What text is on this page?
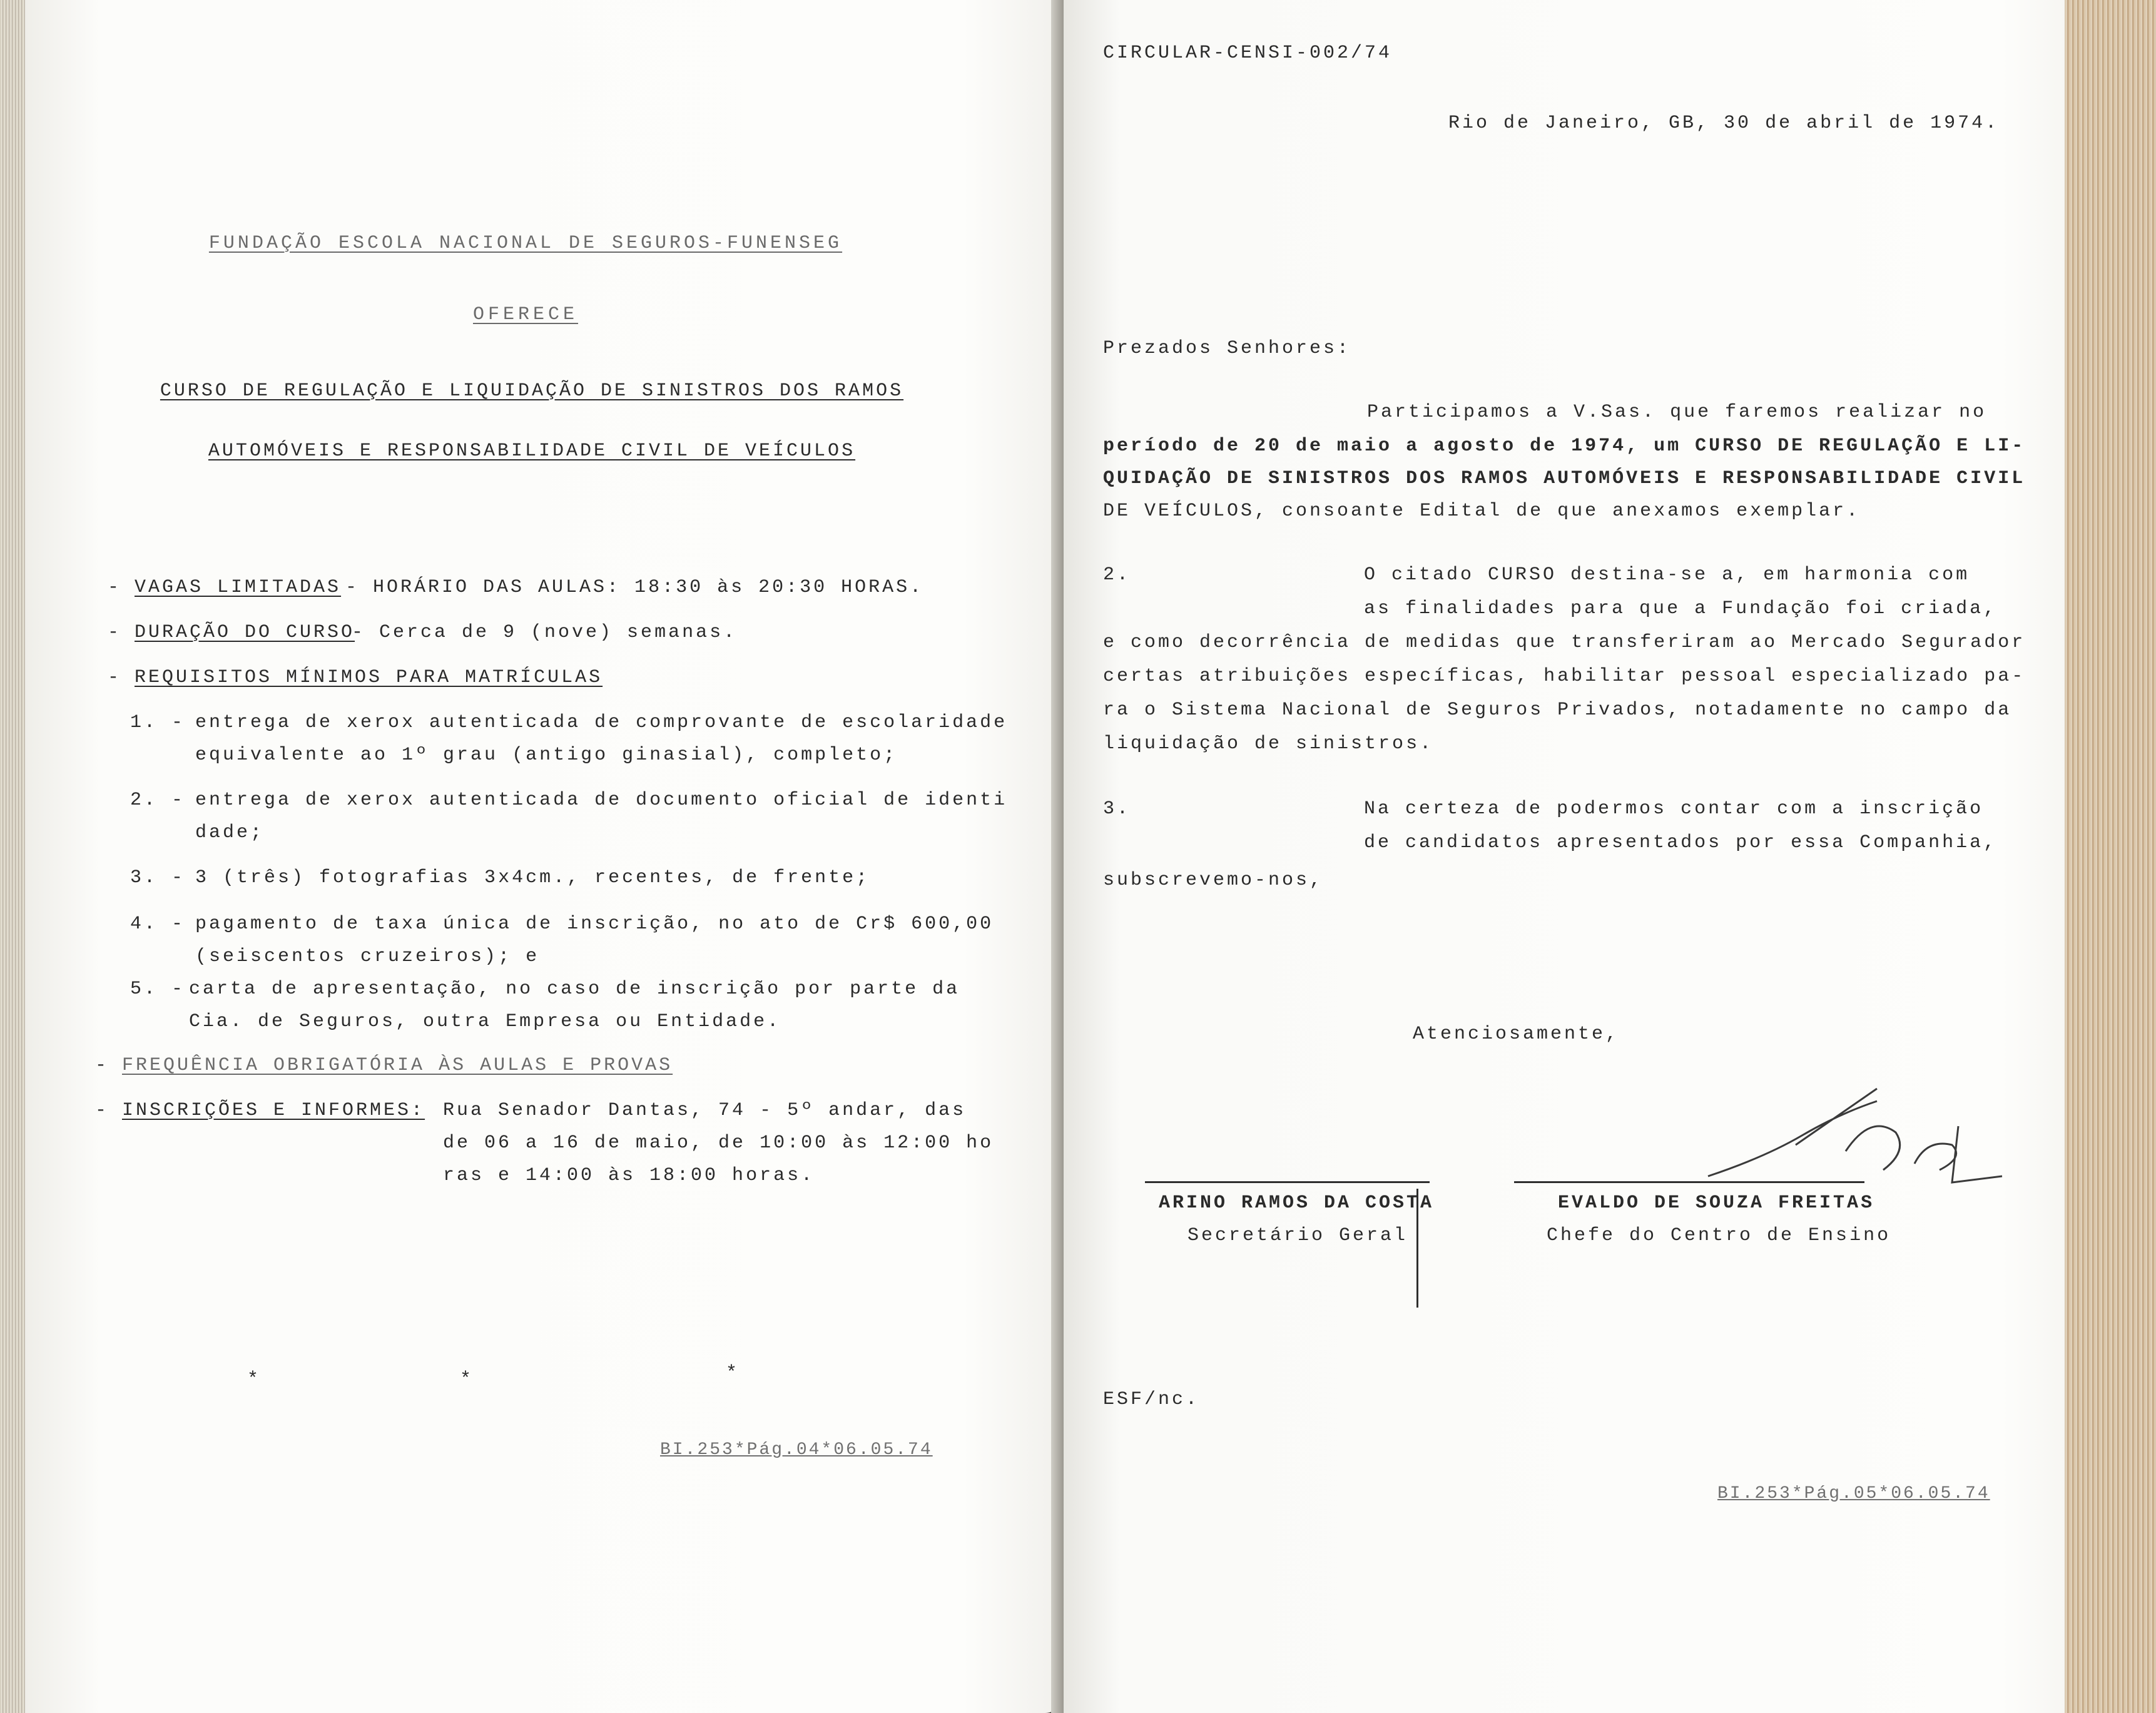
FUNDAÇÃO ESCOLA NACIONAL DE SEGUROS-FUNENSEG
OFERECE
CURSO DE REGULAÇÃO E LIQUIDAÇÃO DE SINISTROS DOS RAMOS
AUTOMÓVEIS E RESPONSABILIDADE CIVIL DE VEÍCULOS
- VAGAS LIMITADAS - HORÁRIO DAS AULAS: 18:30 às 20:30 HORAS.
- DURAÇÃO DO CURSO
- Cerca de 9 (nove) semanas.
- REQUISITOS MÍNIMOS PARA MATRÍCULAS
1. - entrega de xerox autenticada de comprovante de escolaridade
equivalente ao 1º grau (antigo ginasial), completo;
2. - entrega de xerox autenticada de documento oficial de identi
dade;
3. - 3 (três) fotografias 3x4cm., recentes, de frente;
4. - pagamento de taxa única de inscrição, no ato de Cr$ 600,00
(seiscentos cruzeiros); e
5. - carta de apresentação, no caso de inscrição por parte da
Cia. de Seguros, outra Empresa ou Entidade.
- FREQUÊNCIA OBRIGATÓRIA ÀS AULAS E PROVAS
- INSCRIÇÕES E INFORMES: Rua Senador Dantas, 74 - 5º andar, das
de 06 a 16 de maio, de 10:00 às 12:00 ho
ras e 14:00 às 18:00 horas.
*	*	*
BI.253*Pág.04*06.05.74
CIRCULAR-CENSI-002/74
Rio de Janeiro, GB, 30 de abril de 1974.
Prezados Senhores:
Participamos a V.Sas. que faremos realizar no
período de 20 de maio a agosto de 1974, um CURSO DE REGULAÇÃO E LI-
QUIDAÇÃO DE SINISTROS DOS RAMOS AUTOMÓVEIS E RESPONSABILIDADE CIVIL
DE VEÍCULOS, consoante Edital de que anexamos exemplar.
2.	O citado CURSO destina-se a, em harmonia com
as finalidades para que a Fundação foi criada,
e como decorrência de medidas que transferiram ao Mercado Segurador
certas atribuições específicas, habilitar pessoal especializado pa-
ra o Sistema Nacional de Seguros Privados, notadamente no campo da
liquidação de sinistros.
3.	Na certeza de podermos contar com a inscrição
de candidatos apresentados por essa Companhia,
subscrevemo-nos,
Atenciosamente,
ARINO RAMOS DA COSTA
Secretário Geral
EVALDO DE SOUZA FREITAS
Chefe do Centro de Ensino
ESF/nc.
BI.253*Pág.05*06.05.74
